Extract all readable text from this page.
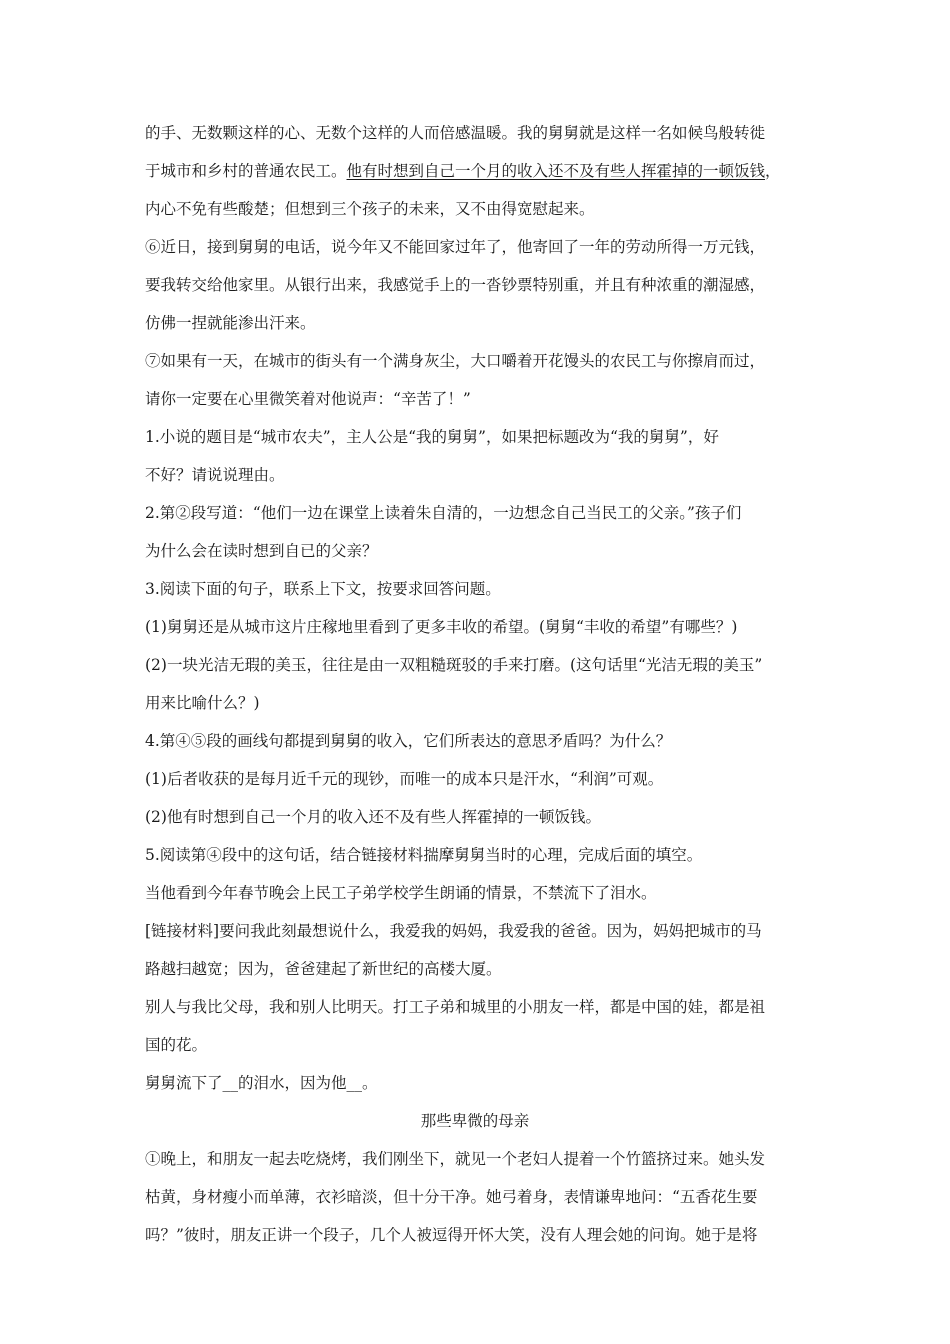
的手、无数颗这样的心、无数个这样的人而倍感温暖。我的舅舅就是这样一名如候鸟般转徙
于城市和乡村的普通农民工。他有时想到自己一个月的收入还不及有些人挥霍掉的一顿饭钱，
内心不免有些酸楚；但想到三个孩子的未来，又不由得宽慰起来。
⑥近日，接到舅舅的电话，说今年又不能回家过年了，他寄回了一年的劳动所得一万元钱，
要我转交给他家里。从银行出来，我感觉手上的一沓钞票特别重，并且有种浓重的潮湿感，
仿佛一捏就能渗出汗来。
⑦如果有一天，在城市的街头有一个满身灰尘，大口嚼着开花馒头的农民工与你擦肩而过，
请你一定要在心里微笑着对他说声：“辛苦了！”
1.小说的题目是“城市农夫”，主人公是“我的舅舅”，如果把标题改为“我的舅舅”，好
不好？请说说理由。
2.第②段写道：“他们一边在课堂上读着朱自清的，一边想念自己当民工的父亲。”孩子们
为什么会在读时想到自已的父亲？
3.阅读下面的句子，联系上下文，按要求回答问题。
(1)舅舅还是从城市这片庄稼地里看到了更多丰收的希望。(舅舅“丰收的希望”有哪些？)
(2)一块光洁无瑕的美玉，往往是由一双粗糙斑驳的手来打磨。(这句话里“光洁无瑕的美玉”
用来比喻什么？)
4.第④⑤段的画线句都提到舅舅的收入，它们所表达的意思矛盾吗？为什么？
(1)后者收获的是每月近千元的现钞，而唯一的成本只是汗水，“利润”可观。
(2)他有时想到自己一个月的收入还不及有些人挥霍掉的一顿饭钱。
5.阅读第④段中的这句话，结合链接材料揣摩舅舅当时的心理，完成后面的填空。
当他看到今年春节晚会上民工子弟学校学生朗诵的情景，不禁流下了泪水。
[链接材料]要问我此刻最想说什么，我爱我的妈妈，我爱我的爸爸。因为，妈妈把城市的马
路越扫越宽；因为，爸爸建起了新世纪的高楼大厦。
别人与我比父母，我和别人比明天。打工子弟和城里的小朋友一样，都是中国的娃，都是祖
国的花。
舅舅流下了__的泪水，因为他__。
那些卑微的母亲
①晚上，和朋友一起去吃烧烤，我们刚坐下，就见一个老妇人提着一个竹篮挤过来。她头发
枯黄，身材瘦小而单薄，衣衫暗淡，但十分干净。她弓着身，表情谦卑地问：“五香花生要
吗？”彼时，朋友正讲一个段子，几个人被逗得开怀大笑，没有人理会她的问询。她于是将
